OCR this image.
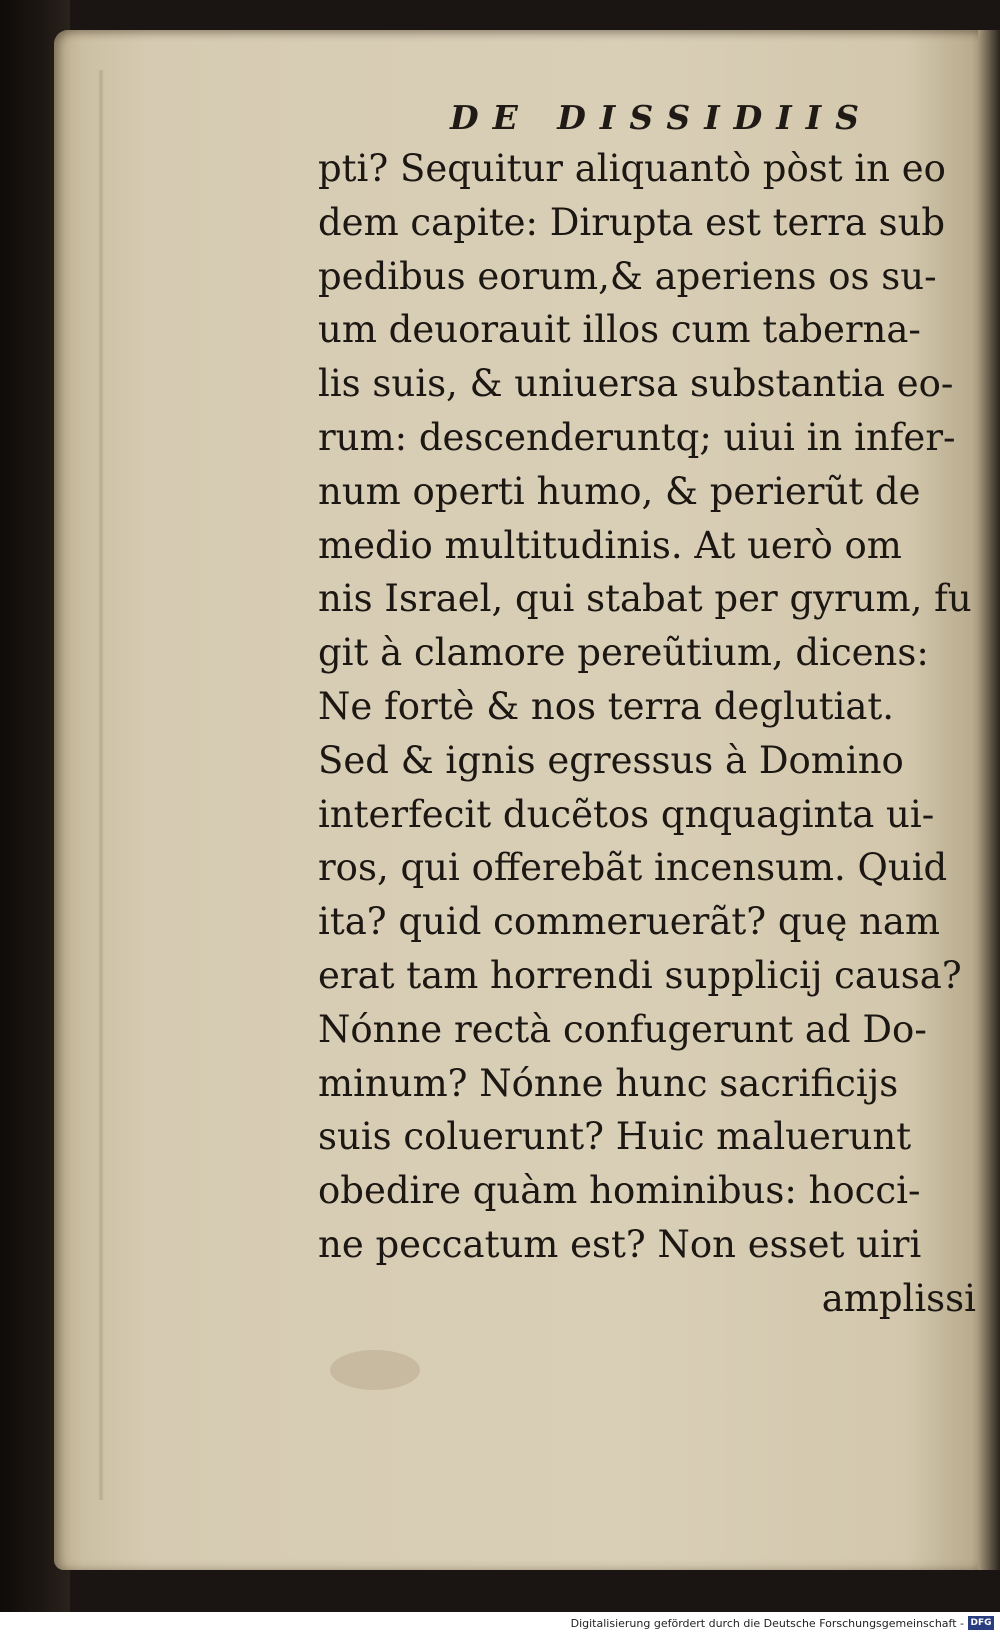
DE DISSIDIIS
pti? Sequitur aliquantò pòst in eo
dem capite: Dirupta est terra sub
pedibus eorum,& aperiens os su-
um deuorauit illos cum taberna-
lis suis, & uniuersa substantia eo-
rum: descenderuntq; uiui in infer-
num operti humo, & perierũt de
medio multitudinis. At uerò om
nis Israel, qui stabat per gyrum, fu
git à clamore pereũtium, dicens:
Ne fortè & nos terra deglutiat.
Sed & ignis egressus à Domino
interfecit ducẽtos qnquaginta ui-
ros, qui offerebãt incensum. Quid
ita? quid commeruerãt? quę nam
erat tam horrendi supplicij causa?
Nónne rectà confugerunt ad Do-
minum? Nónne hunc sacrificijs
suis coluerunt? Huic maluerunt
obedire quàm hominibus: hocci-
ne peccatum est? Non esset uiri
amplissi
Digitalisierung gefördert durch die Deutsche Forschungsgemeinschaft - DFG
